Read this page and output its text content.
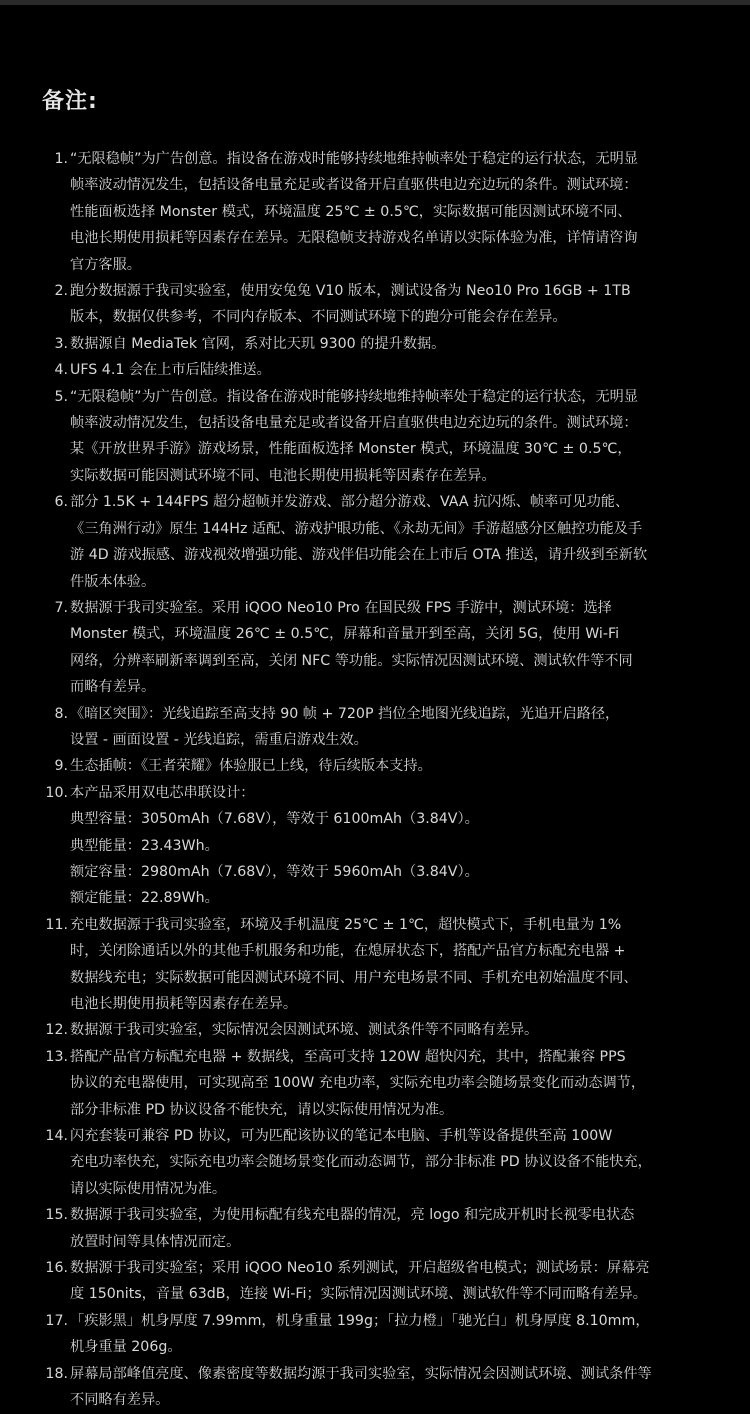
备注:
1. “无限稳帧”为广告创意。指设备在游戏时能够持续地维持帧率处于稳定的运行状态，无明显
帧率波动情况发生，包括设备电量充足或者设备开启直驱供电边充边玩的条件。测试环境：
性能面板选择 Monster 模式，环境温度 25℃ ± 0.5℃，实际数据可能因测试环境不同、
电池长期使用损耗等因素存在差异。无限稳帧支持游戏名单请以实际体验为准，详情请咨询
官方客服。
2. 跑分数据源于我司实验室，使用安兔兔 V10 版本，测试设备为 Neo10 Pro 16GB + 1TB
版本，数据仅供参考，不同内存版本、不同测试环境下的跑分可能会存在差异。
3. 数据源自 MediaTek 官网，系对比天玑 9300 的提升数据。
4. UFS 4.1 会在上市后陆续推送。
5. “无限稳帧”为广告创意。指设备在游戏时能够持续地维持帧率处于稳定的运行状态，无明显
帧率波动情况发生，包括设备电量充足或者设备开启直驱供电边充边玩的条件。测试环境：
某《开放世界手游》游戏场景，性能面板选择 Monster 模式，环境温度 30℃ ± 0.5℃，
实际数据可能因测试环境不同、电池长期使用损耗等因素存在差异。
6. 部分 1.5K + 144FPS 超分超帧并发游戏、部分超分游戏、VAA 抗闪烁、帧率可见功能、
《三角洲行动》原生 144Hz 适配、游戏护眼功能、《永劫无间》手游超感分区触控功能及手
游 4D 游戏振感、游戏视效增强功能、游戏伴侣功能会在上市后 OTA 推送，请升级到至新软
件版本体验。
7. 数据源于我司实验室。采用 iQOO Neo10 Pro 在国民级 FPS 手游中，测试环境：选择
Monster 模式，环境温度 26℃ ± 0.5℃，屏幕和音量开到至高，关闭 5G，使用 Wi-Fi
网络，分辨率刷新率调到至高，关闭 NFC 等功能。实际情况因测试环境、测试软件等不同
而略有差异。
8. 《暗区突围》：光线追踪至高支持 90 帧 + 720P 挡位全地图光线追踪，光追开启路径，
设置 - 画面设置 - 光线追踪，需重启游戏生效。
9. 生态插帧：《王者荣耀》体验服已上线，待后续版本支持。
10. 本产品采用双电芯串联设计：
典型容量：3050mAh（7.68V），等效于 6100mAh（3.84V）。
典型能量：23.43Wh。
额定容量：2980mAh（7.68V），等效于 5960mAh（3.84V）。
额定能量：22.89Wh。
11. 充电数据源于我司实验室，环境及手机温度 25℃ ± 1℃，超快模式下，手机电量为 1%
时，关闭除通话以外的其他手机服务和功能，在熄屏状态下，搭配产品官方标配充电器 +
数据线充电；实际数据可能因测试环境不同、用户充电场景不同、手机充电初始温度不同、
电池长期使用损耗等因素存在差异。
12. 数据源于我司实验室，实际情况会因测试环境、测试条件等不同略有差异。
13. 搭配产品官方标配充电器 + 数据线，至高可支持 120W 超快闪充，其中，搭配兼容 PPS
协议的充电器使用，可实现高至 100W 充电功率，实际充电功率会随场景变化而动态调节，
部分非标准 PD 协议设备不能快充，请以实际使用情况为准。
14. 闪充套装可兼容 PD 协议，可为匹配该协议的笔记本电脑、手机等设备提供至高 100W
充电功率快充，实际充电功率会随场景变化而动态调节，部分非标准 PD 协议设备不能快充，
请以实际使用情况为准。
15. 数据源于我司实验室，为使用标配有线充电器的情况，亮 logo 和完成开机时长视零电状态
放置时间等具体情况而定。
16. 数据源于我司实验室；采用 iQOO Neo10 系列测试，开启超级省电模式；测试场景：屏幕亮
度 150nits，音量 63dB，连接 Wi-Fi；实际情况因测试环境、测试软件等不同而略有差异。
17. 「疾影黑」机身厚度 7.99mm，机身重量 199g；「拉力橙」「驰光白」机身厚度 8.10mm，
机身重量 206g。
18. 屏幕局部峰值亮度、像素密度等数据均源于我司实验室，实际情况会因测试环境、测试条件等
不同略有差异。
